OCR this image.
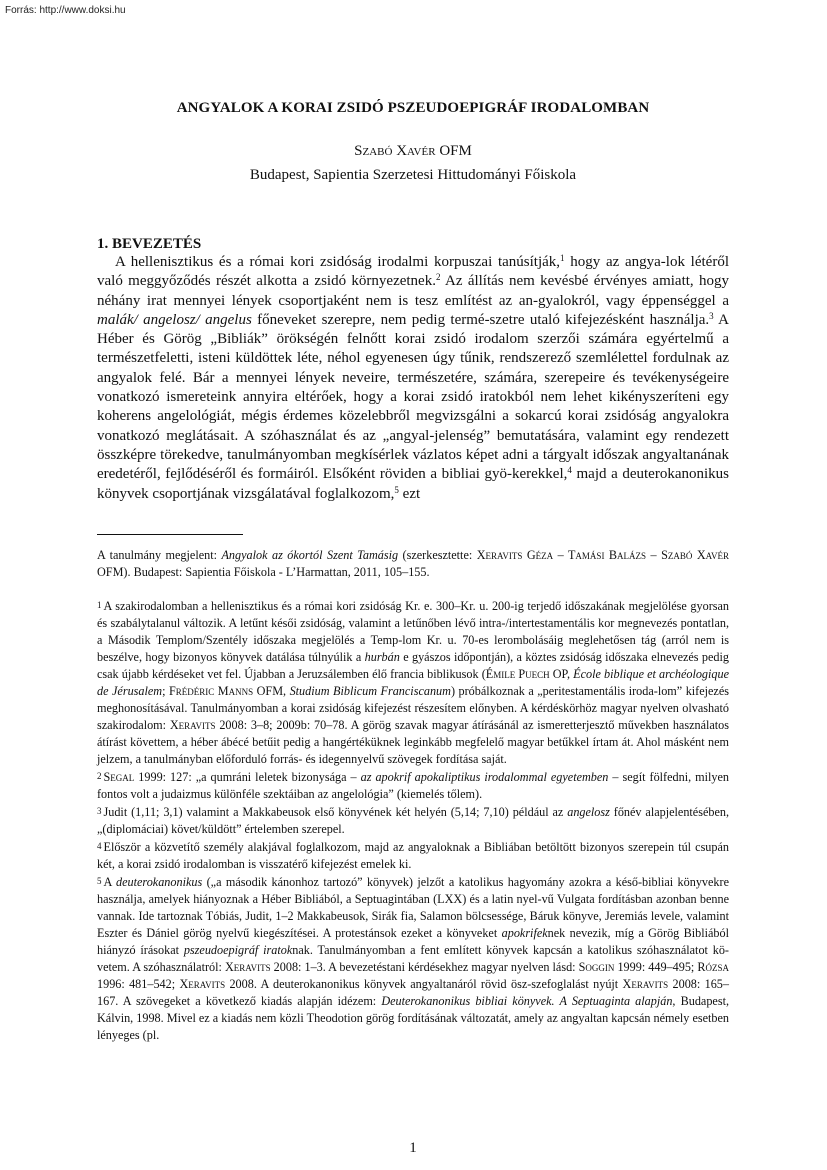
Forrás: http://www.doksi.hu
ANGYALOK A KORAI ZSIDÓ PSZEUDOEPIGRÁF IRODALOMBAN
Szabó Xavér OFM
Budapest, Sapientia Szerzetesi Hittudományi Főiskola
1. BEVEZETÉS

A hellenisztikus és a római kori zsidóság irodalmi korpuszai tanúsítják,$^1$ hogy az angya-lok létéről való meggyőződés részét alkotta a zsidó környezetnek.$^2$ Az állítás nem kevésbé érvényes amiatt, hogy néhány irat mennyei lények csoportjaként nem is tesz említést az an-gyalokról, vagy éppenséggel a malák/ angelosz/ angelus főneveket szerepre, nem pedig termé-szetre utaló kifejezésként használja.$^3$ A Héber és Görög „Bibliák” örökségén felnőtt korai zsidó irodalom szerzői számára egyértelmű a természetfeletti, isteni küldöttek léte, néhol egyenesen úgy tűnik, rendszerező szemlélettel fordulnak az angyalok felé. Bár a mennyei lények neveire, természetére, számára, szerepeire és tevékenységeire vonatkozó ismereteink annyira eltérőek, hogy a korai zsidó iratokból nem lehet kikényszeríteni egy koherens angelológiát, mégis érdemes közelebbről megvizsgálni a sokarcú korai zsidóság angyalokra vonatkozó meglátásait. A szóhasználat és az „angyal-jelenség” bemutatására, valamint egy rendezett összképre törekedve, tanulmányomban megkísérlek vázlatos képet adni a tárgyalt időszak angyaltanának eredetéről, fejlődéséről és formáiról. Elsőként röviden a bibliai gyö-kerekkel,$^4$ majd a deuterokanonikus könyvek csoportjának vizsgálatával foglalkozom,$^5$ ezt

A tanulmány megjelent: Angyalok az ókortól Szent Tamásig (szerkesztette: Xeravits Géza – Tamási Balázs – Szabó Xavér OFM). Budapest: Sapientia Főiskola - L’Harmattan, 2011, 105–155.

1 A szakirodalomban a hellenisztikus és a római kori zsidóság Kr. e. 300–Kr. u. 200-ig terjedő időszakának megjelölése gyorsan és szabálytalanul változik. A letűnt késői zsidóság, valamint a letűnőben lévő intra-/intertestamentális kor megnevezés pontatlan, a Második Templom/Szentély időszaka megjelölés a Temp-lom Kr. u. 70-es lerombolásáig meglehetősen tág (arról nem is beszélve, hogy bizonyos könyvek datálása túlnyúlik a hurbán e gyászos időpontján), a köztes zsidóság időszaka elnevezés pedig csak újabb kérdéseket vet fel. Újabban a Jeruzsálemben élő francia biblikusok (Émile Puech OP, École biblique et archéologique de Jérusalem; Frédéric Manns OFM, Studium Biblicum Franciscanum) próbálkoznak a „peritestamentális iroda-lom” kifejezés meghonosításával. Tanulmányomban a korai zsidóság kifejezést részesítem előnyben. A kérdéskörhöz magyar nyelven olvasható szakirodalom: Xeravits 2008: 3–8; 2009b: 70–78. A görög szavak magyar átírásánál az ismeretterjesztő művekben használatos átírást követtem, a héber ábécé betűit pedig a hangértéküknek leginkább megfelelő magyar betűkkel írtam át. Ahol másként nem jelzem, a tanulmányban előforduló forrás- és idegennyelvű szövegek fordítása saját.

2 Segal 1999: 127: „a qumráni leletek bizonysága – az apokrif apokaliptikus irodalommal egyetemben – segít fölfedni, milyen fontos volt a judaizmus különféle szektáiban az angelológia” (kiemelés tőlem).

3 Judit (1,11; 3,1) valamint a Makkabeusok első könyvének két helyén (5,14; 7,10) például az angelosz főnév alapjelentésében, „(diplomáciai) követ/küldött” értelemben szerepel.

4 Először a közvetítő személy alakjával foglalkozom, majd az angyaloknak a Bibliában betöltött bizonyos szerepein túl csupán két, a korai zsidó irodalomban is visszatérő kifejezést emelek ki.

5 A deuterokanonikus („a második kánonhoz tartozó” könyvek) jelzőt a katolikus hagyomány azokra a késő-bibliai könyvekre használja, amelyek hiányoznak a Héber Bibliából, a Septuagintában (LXX) és a latin nyel-vű Vulgata fordításban azonban benne vannak. Ide tartoznak Tóbiás, Judit, 1–2 Makkabeusok, Sirák fia, Salamon bölcsessége, Báruk könyve, Jeremiás levele, valamint Eszter és Dániel görög nyelvű kiegészítései. A protestánsok ezeket a könyveket apokrifeknek nevezik, míg a Görög Bibliából hiányzó írásokat pszeudoepigráf iratoknak. Tanulmányomban a fent említett könyvek kapcsán a katolikus szóhasználatot kö-vetem. A szóhasználatról: Xeravits 2008: 1–3. A bevezetéstani kérdésekhez magyar nyelven lásd: Soggin 1999: 449–495; Rózsa 1996: 481–542; Xeravits 2008. A deuterokanonikus könyvek angyaltanáról rövid ösz-szefoglalást nyújt Xeravits 2008: 165–167. A szövegeket a következő kiadás alapján idézem: Deuterokanonikus bibliai könyvek. A Septuaginta alapján, Budapest, Kálvin, 1998. Mivel ez a kiadás nem közli Theodotion görög fordításának változatát, amely az angyaltan kapcsán némely esetben lényeges (pl.

1
